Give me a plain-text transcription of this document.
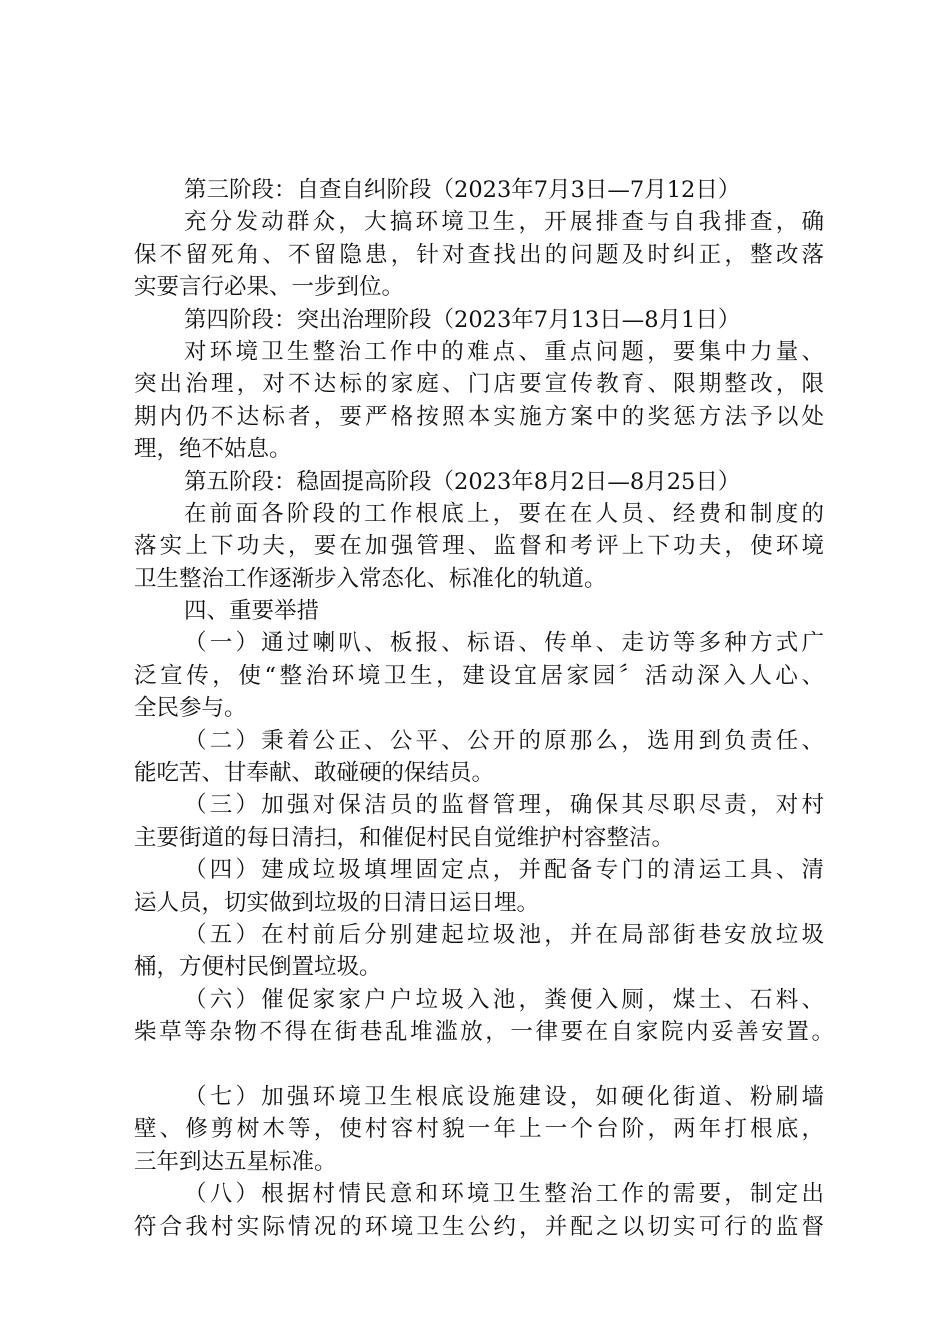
第三阶段：自查自纠阶段（2023年7月3日—7月12日）
充分发动群众，大搞环境卫生，开展排查与自我排查，确
保不留死角、不留隐患，针对查找出的问题及时纠正，整改落
实要言行必果、一步到位。
第四阶段：突出治理阶段（2023年7月13日—8月1日）
对环境卫生整治工作中的难点、重点问题，要集中力量、
突出治理，对不达标的家庭、门店要宣传教育、限期整改，限
期内仍不达标者，要严格按照本实施方案中的奖惩方法予以处
理，绝不姑息。
第五阶段：稳固提高阶段（2023年8月2日—8月25日）
在前面各阶段的工作根底上，要在在人员、经费和制度的
落实上下功夫，要在加强管理、监督和考评上下功夫，使环境
卫生整治工作逐渐步入常态化、标准化的轨道。
四、重要举措
（一）通过喇叭、板报、标语、传单、走访等多种方式广
泛宣传，使“整治环境卫生，建设宜居家园〞活动深入人心、
全民参与。
（二）秉着公正、公平、公开的原那么，选用到负责任、
能吃苦、甘奉献、敢碰硬的保结员。
（三）加强对保洁员的监督管理，确保其尽职尽责，对村
主要街道的每日清扫，和催促村民自觉维护村容整洁。
（四）建成垃圾填埋固定点，并配备专门的清运工具、清
运人员，切实做到垃圾的日清日运日埋。
（五）在村前后分别建起垃圾池，并在局部街巷安放垃圾
桶，方便村民倒置垃圾。
（六）催促家家户户垃圾入池，粪便入厕，煤土、石料、
柴草等杂物不得在街巷乱堆滥放，一律要在自家院内妥善安置。
（七）加强环境卫生根底设施建设，如硬化街道、粉刷墙
壁、修剪树木等，使村容村貌一年上一个台阶，两年打根底，
三年到达五星标准。
（八）根据村情民意和环境卫生整治工作的需要，制定出
符合我村实际情况的环境卫生公约，并配之以切实可行的监督
